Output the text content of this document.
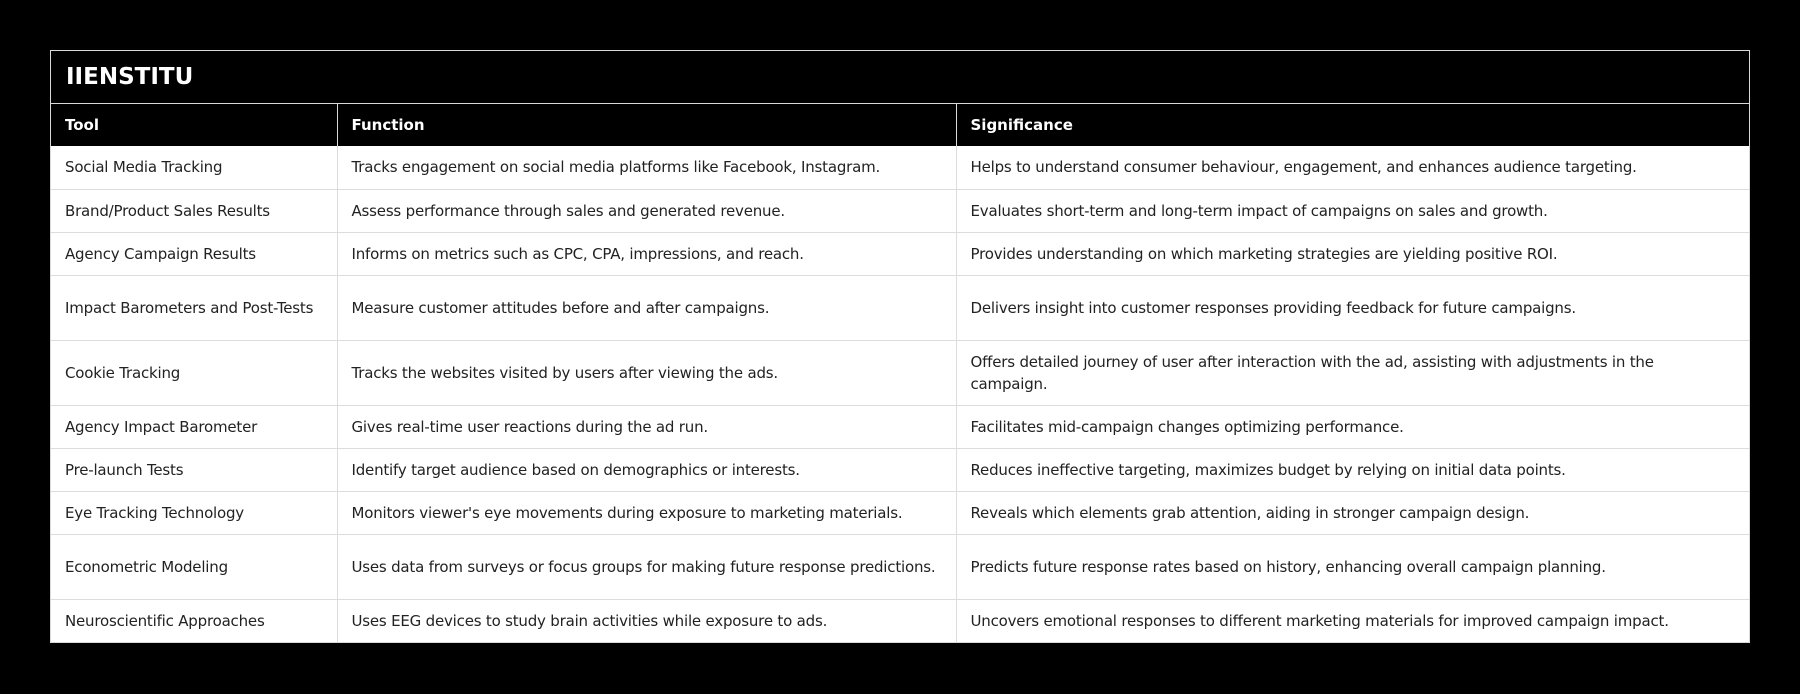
IIENSTITU
Tool	Function	Significance
Social Media Tracking	Tracks engagement on social media platforms like Facebook, Instagram.	Helps to understand consumer behaviour, engagement, and enhances audience targeting.
Brand/Product Sales Results	Assess performance through sales and generated revenue.	Evaluates short-term and long-term impact of campaigns on sales and growth.
Agency Campaign Results	Informs on metrics such as CPC, CPA, impressions, and reach.	Provides understanding on which marketing strategies are yielding positive ROI.
Impact Barometers and Post-Tests	Measure customer attitudes before and after campaigns.	Delivers insight into customer responses providing feedback for future campaigns.
Cookie Tracking	Tracks the websites visited by users after viewing the ads.	Offers detailed journey of user after interaction with the ad, assisting with adjustments in the campaign.
Agency Impact Barometer	Gives real-time user reactions during the ad run.	Facilitates mid-campaign changes optimizing performance.
Pre-launch Tests	Identify target audience based on demographics or interests.	Reduces ineffective targeting, maximizes budget by relying on initial data points.
Eye Tracking Technology	Monitors viewer's eye movements during exposure to marketing materials.	Reveals which elements grab attention, aiding in stronger campaign design.
Econometric Modeling	Uses data from surveys or focus groups for making future response predictions.	Predicts future response rates based on history, enhancing overall campaign planning.
Neuroscientific Approaches	Uses EEG devices to study brain activities while exposure to ads.	Uncovers emotional responses to different marketing materials for improved campaign impact.
